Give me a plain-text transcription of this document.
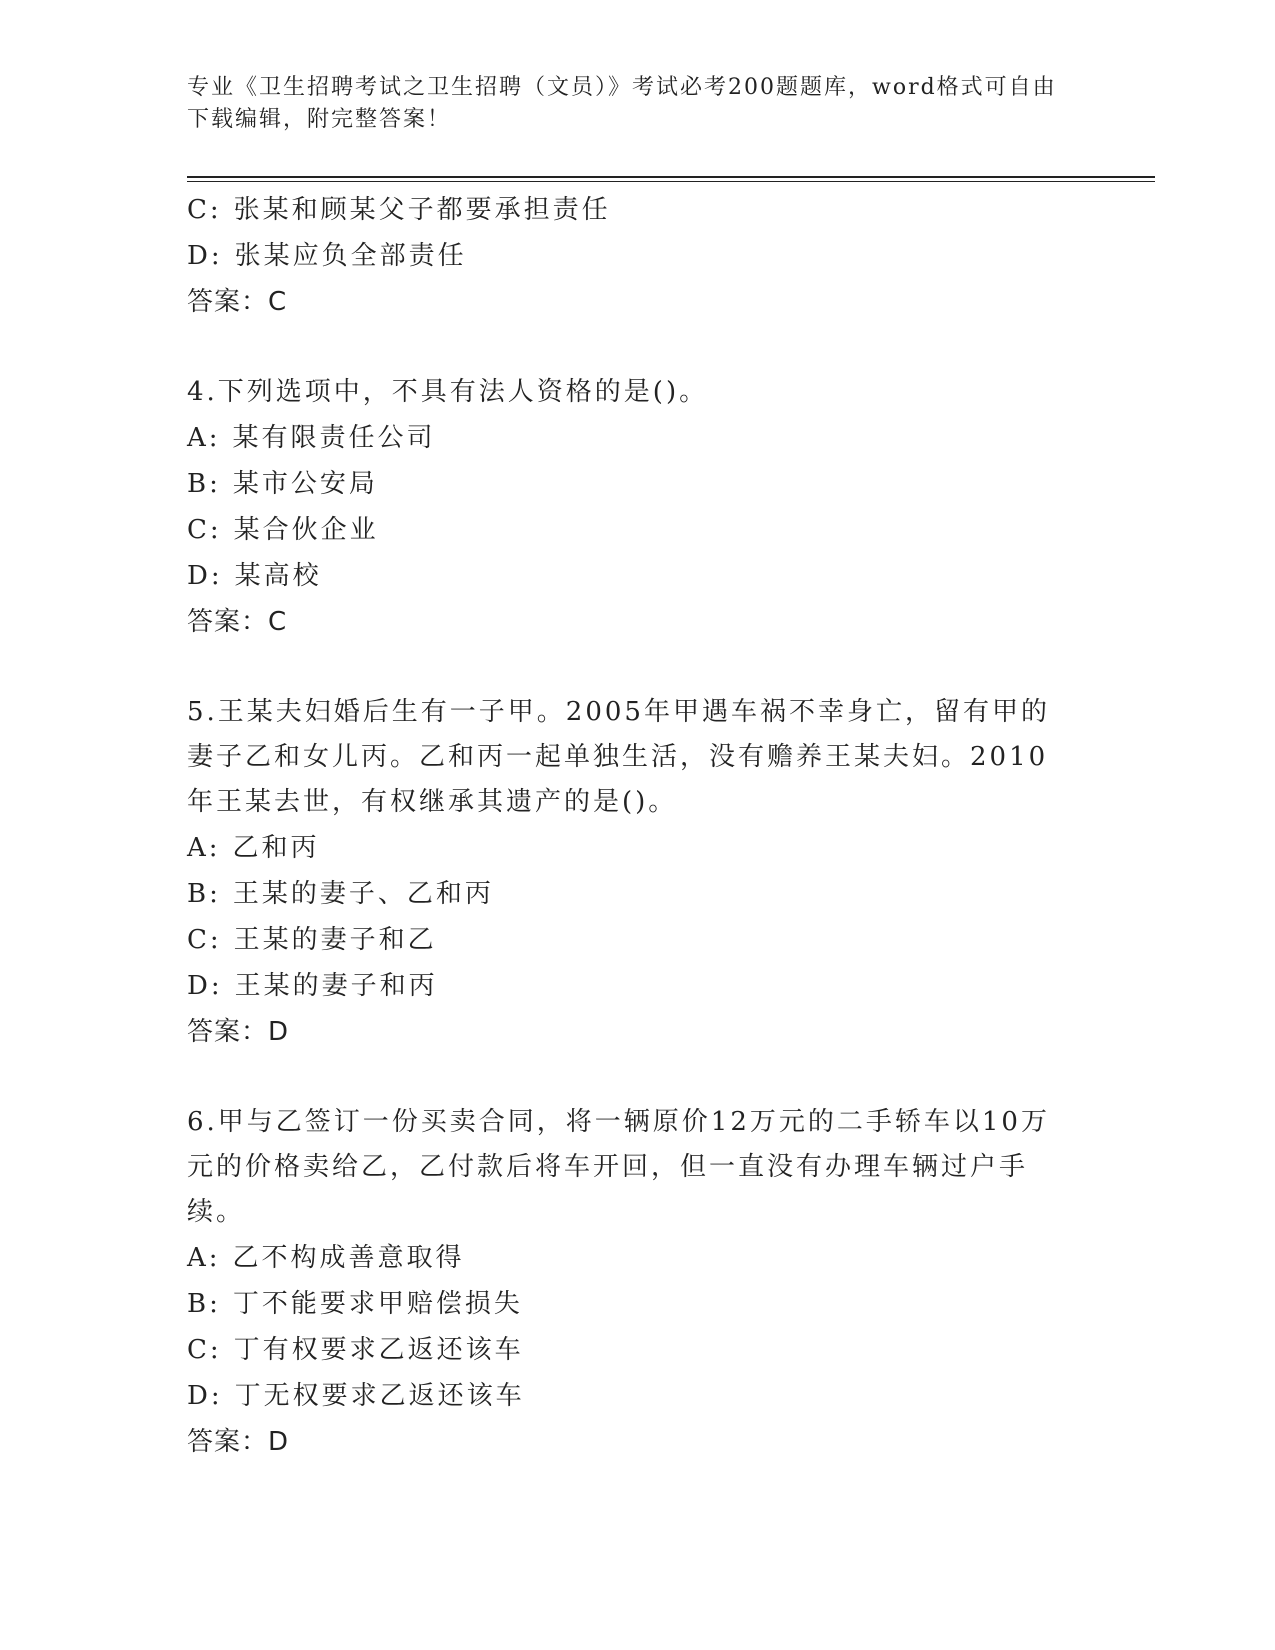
专业《卫生招聘考试之卫生招聘（文员）》考试必考200题题库，word格式可自由下载编辑，附完整答案！
C: 张某和顾某父子都要承担责任
D: 张某应负全部责任
答案：C
4.下列选项中，不具有法人资格的是()。
A: 某有限责任公司
B: 某市公安局
C: 某合伙企业
D: 某高校
答案：C
5.王某夫妇婚后生有一子甲。2005年甲遇车祸不幸身亡，留有甲的妻子乙和女儿丙。乙和丙一起单独生活，没有赡养王某夫妇。2010年王某去世，有权继承其遗产的是()。
A: 乙和丙
B: 王某的妻子、乙和丙
C: 王某的妻子和乙
D: 王某的妻子和丙
答案：D
6.甲与乙签订一份买卖合同，将一辆原价12万元的二手轿车以10万元的价格卖给乙，乙付款后将车开回，但一直没有办理车辆过户手续。
A: 乙不构成善意取得
B: 丁不能要求甲赔偿损失
C: 丁有权要求乙返还该车
D: 丁无权要求乙返还该车
答案：D
